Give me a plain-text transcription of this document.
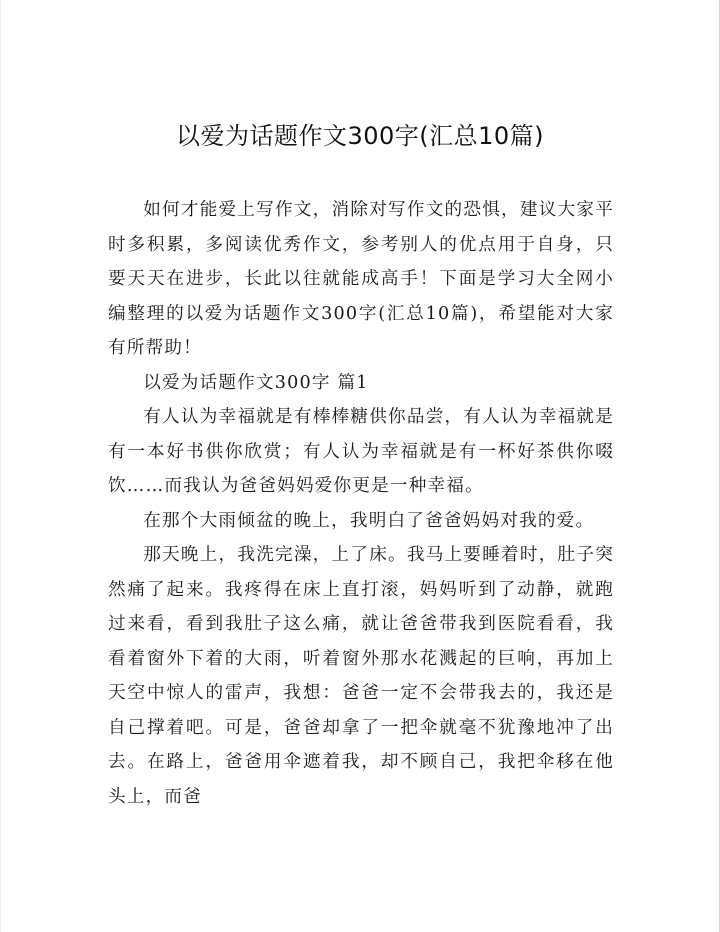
以爱为话题作文300字(汇总10篇)

如何才能爱上写作文，消除对写作文的恐惧，建议大家平时多积累，多阅读优秀作文，参考别人的优点用于自身，只要天天在进步，长此以往就能成高手！下面是学习大全网小编整理的以爱为话题作文300字(汇总10篇)，希望能对大家有所帮助！

以爱为话题作文300字 篇1

有人认为幸福就是有棒棒糖供你品尝，有人认为幸福就是有一本好书供你欣赏；有人认为幸福就是有一杯好茶供你啜饮……而我认为爸爸妈妈爱你更是一种幸福。

在那个大雨倾盆的晚上，我明白了爸爸妈妈对我的爱。

那天晚上，我洗完澡，上了床。我马上要睡着时，肚子突然痛了起来。我疼得在床上直打滚，妈妈听到了动静，就跑过来看，看到我肚子这么痛，就让爸爸带我到医院看看，我看着窗外下着的大雨，听着窗外那水花溅起的巨响，再加上天空中惊人的雷声，我想：爸爸一定不会带我去的，我还是自己撑着吧。可是，爸爸却拿了一把伞就毫不犹豫地冲了出去。在路上，爸爸用伞遮着我，却不顾自己，我把伞移在他头上，而爸
